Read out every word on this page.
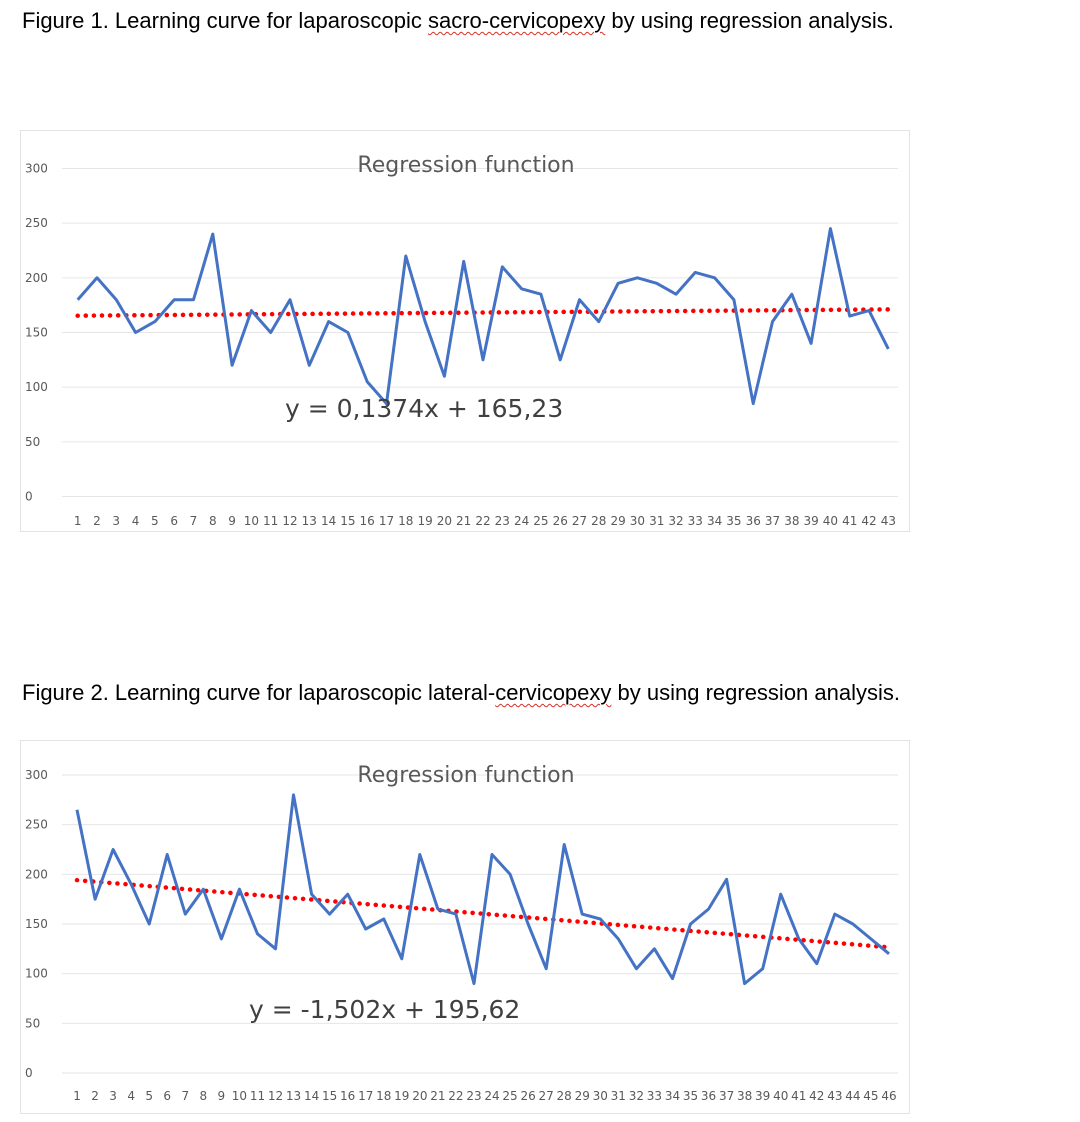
Figure 1. Learning curve for laparoscopic sacro-cervicopexy by using regression analysis.
0
50
100
150
200
250
300	Regression function
1 2 3 4 5 6 7 8 9 10 11 12 13 14 15 16 17 18 19 20 21 22 23 24 25 26 27 28 29 30 31 32 33 34 35 36 37 38 39 40 41 42 43
y = 0,1374x + 165,23
Figure 2. Learning curve for laparoscopic lateral-cervicopexy by using regression analysis.
0
50
100
150
200
250
300	Regression function
1 2 3 4 5 6 7 8 9 10 11 12 13 14 15 16 17 18 19 20 21 22 23 24 25 26 27 28 29 30 31 32 33 34 35 36 37 38 39 40 41 42 43 44 45 46
y = -1,502x + 195,62
